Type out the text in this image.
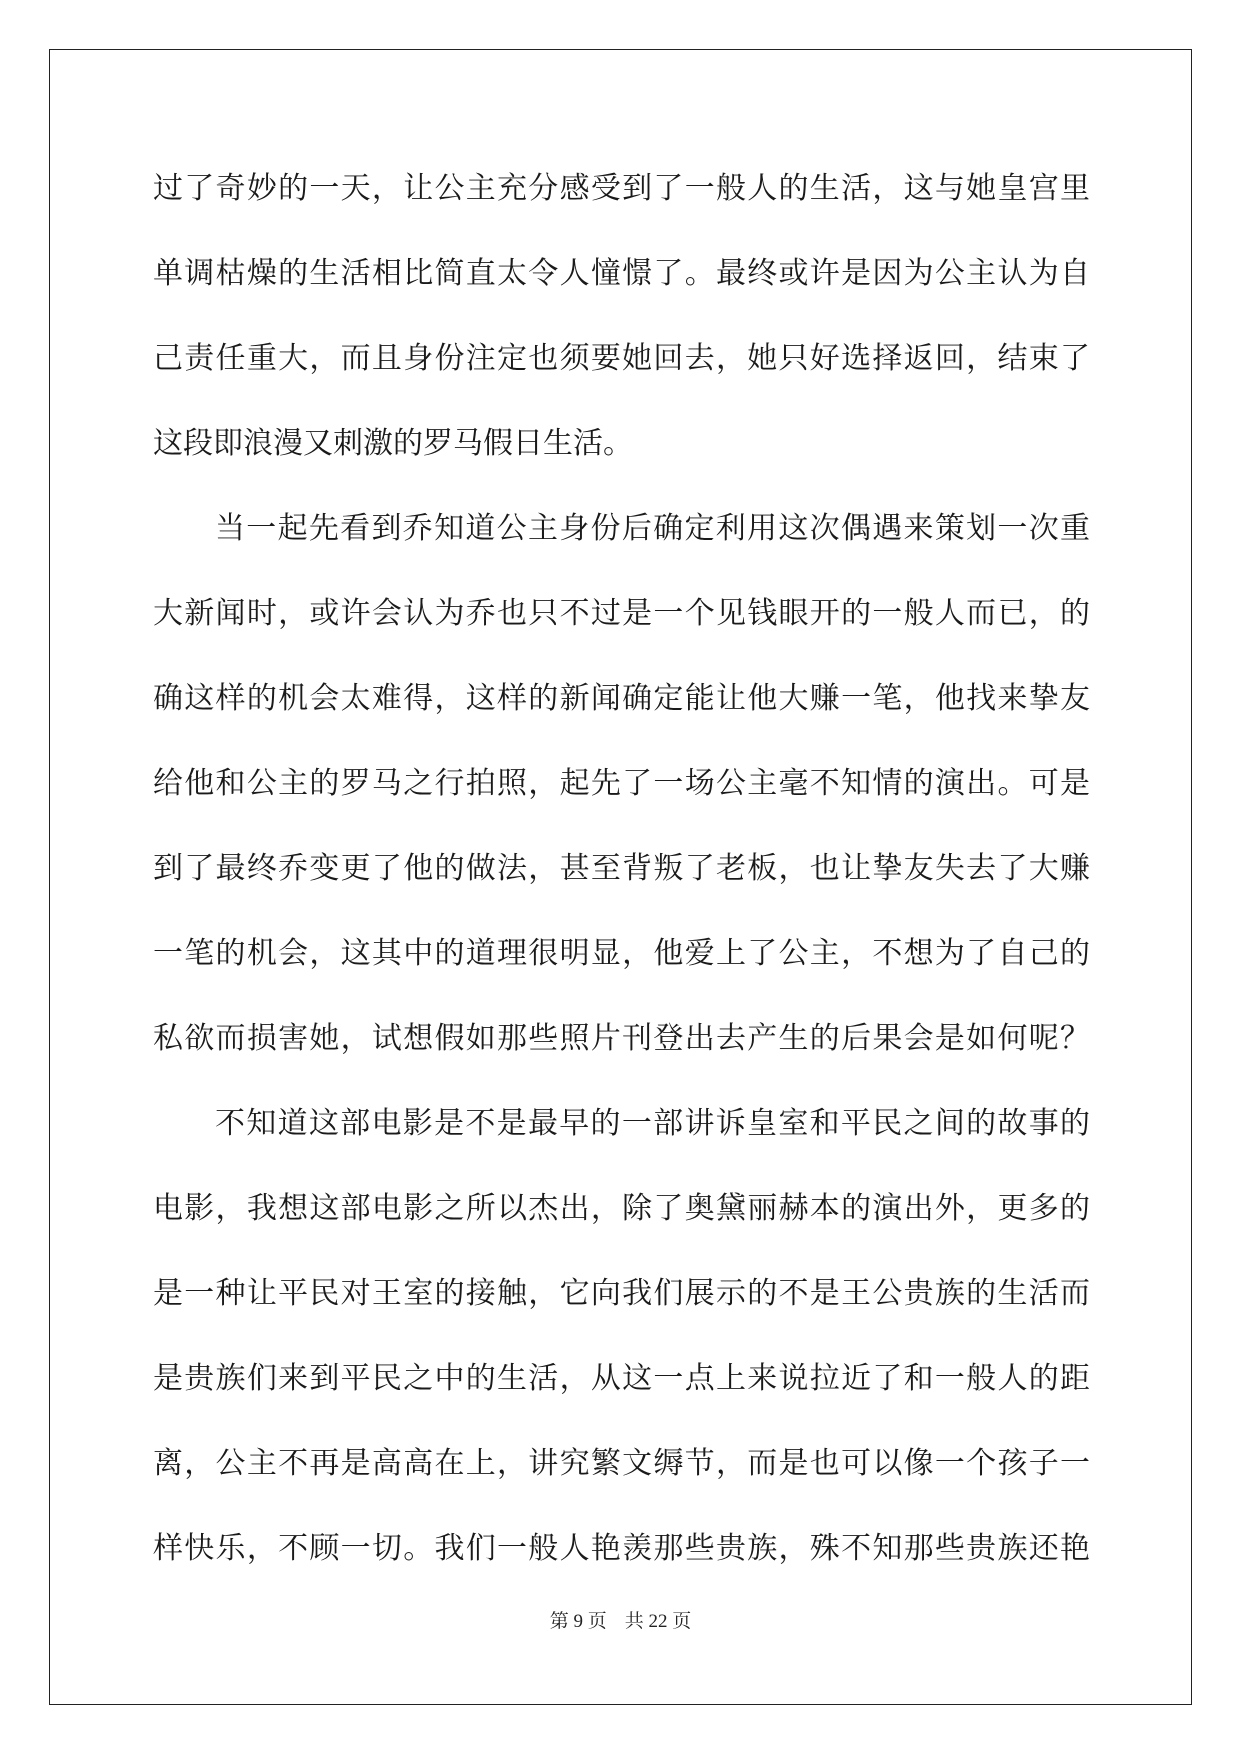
过了奇妙的一天，让公主充分感受到了一般人的生活，这与她皇宫里
单调枯燥的生活相比简直太令人憧憬了。最终或许是因为公主认为自
己责任重大，而且身份注定也须要她回去，她只好选择返回，结束了
这段即浪漫又刺激的罗马假日生活。
当一起先看到乔知道公主身份后确定利用这次偶遇来策划一次重
大新闻时，或许会认为乔也只不过是一个见钱眼开的一般人而已，的
确这样的机会太难得，这样的新闻确定能让他大赚一笔，他找来挚友
给他和公主的罗马之行拍照，起先了一场公主毫不知情的演出。可是
到了最终乔变更了他的做法，甚至背叛了老板，也让挚友失去了大赚
一笔的机会，这其中的道理很明显，他爱上了公主，不想为了自己的
私欲而损害她，试想假如那些照片刊登出去产生的后果会是如何呢？
不知道这部电影是不是最早的一部讲诉皇室和平民之间的故事的
电影，我想这部电影之所以杰出，除了奥黛丽赫本的演出外，更多的
是一种让平民对王室的接触，它向我们展示的不是王公贵族的生活而
是贵族们来到平民之中的生活，从这一点上来说拉近了和一般人的距
离，公主不再是高高在上，讲究繁文缛节，而是也可以像一个孩子一
样快乐，不顾一切。我们一般人艳羡那些贵族，殊不知那些贵族还艳
第 9 页 共 22 页
